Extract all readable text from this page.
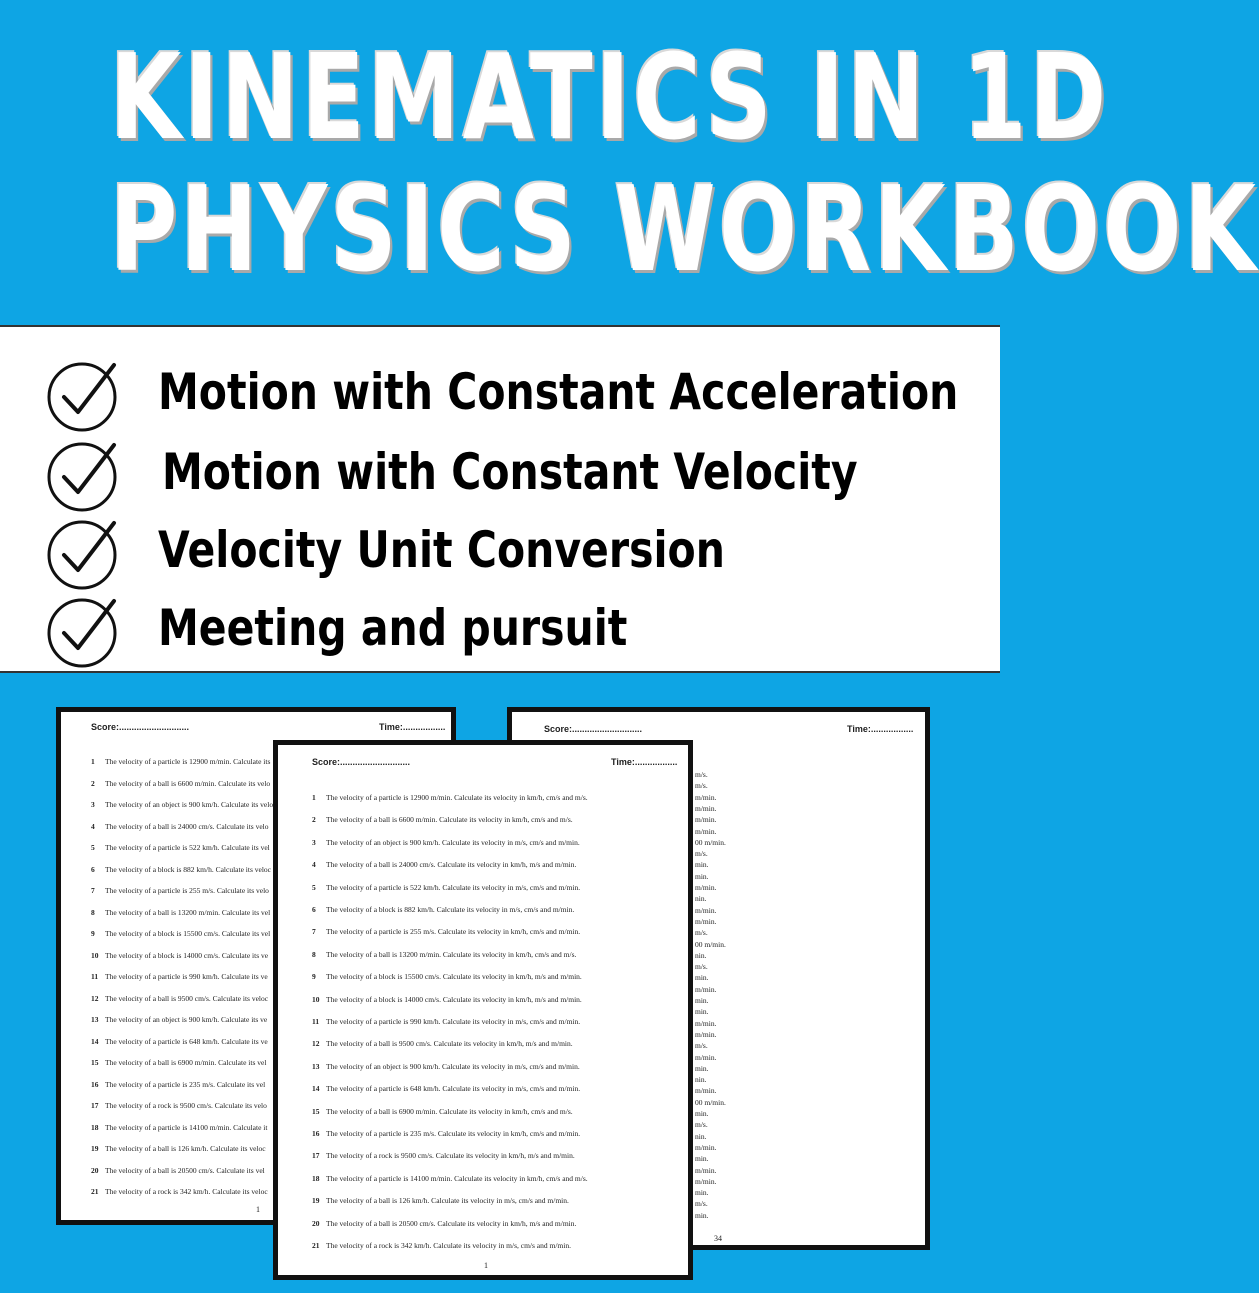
KINEMATICS IN 1D
PHYSICS WORKBOOK
Motion with Constant Acceleration
Motion with Constant Velocity
Velocity Unit Conversion
Meeting and pursuit
Score:............................	Time:.................
1 The velocity of a particle is 12900 m/min. Calculate its
2 The velocity of a ball is 6600 m/min. Calculate its velo
3 The velocity of an object is 900 km/h. Calculate its velo
4 The velocity of a ball is 24000 cm/s. Calculate its velo
5 The velocity of a particle is 522 km/h. Calculate its vel
6 The velocity of a block is 882 km/h. Calculate its veloc
7 The velocity of a particle is 255 m/s. Calculate its velo
8 The velocity of a ball is 13200 m/min. Calculate its vel
9 The velocity of a block is 15500 cm/s. Calculate its vel
10 The velocity of a block is 14000 cm/s. Calculate its ve
11 The velocity of a particle is 990 km/h. Calculate its ve
12 The velocity of a ball is 9500 cm/s. Calculate its veloc
13 The velocity of an object is 900 km/h. Calculate its ve
14 The velocity of a particle is 648 km/h. Calculate its ve
15 The velocity of a ball is 6900 m/min. Calculate its vel
16 The velocity of a particle is 235 m/s. Calculate its vel
17 The velocity of a rock is 9500 cm/s. Calculate its velo
18 The velocity of a particle is 14100 m/min. Calculate it
19 The velocity of a ball is 126 km/h. Calculate its veloc
20 The velocity of a ball is 20500 cm/s. Calculate its vel
21 The velocity of a rock is 342 km/h. Calculate its veloc
1
Score:............................	Time:.................
m/s.
m/s.
m/min.
m/min.
m/min.
m/min.
00 m/min.
m/s.
min.
min.
m/min.
nin.
m/min.
m/min.
m/s.
00 m/min.
nin.
m/s.
min.
m/min.
min.
min.
m/min.
m/min.
m/s.
m/min.
min.
nin.
m/min.
00 m/min.
min.
m/s.
nin.
m/min.
min.
m/min.
m/min.
min.
m/s.
min.
34
Score:............................	Time:.................
1 The velocity of a particle is 12900 m/min. Calculate its velocity in km/h, cm/s and m/s.
2 The velocity of a ball is 6600 m/min. Calculate its velocity in km/h, cm/s and m/s.
3 The velocity of an object is 900 km/h. Calculate its velocity in m/s, cm/s and m/min.
4 The velocity of a ball is 24000 cm/s. Calculate its velocity in km/h, m/s and m/min.
5 The velocity of a particle is 522 km/h. Calculate its velocity in m/s, cm/s and m/min.
6 The velocity of a block is 882 km/h. Calculate its velocity in m/s, cm/s and m/min.
7 The velocity of a particle is 255 m/s. Calculate its velocity in km/h, cm/s and m/min.
8 The velocity of a ball is 13200 m/min. Calculate its velocity in km/h, cm/s and m/s.
9 The velocity of a block is 15500 cm/s. Calculate its velocity in km/h, m/s and m/min.
10 The velocity of a block is 14000 cm/s. Calculate its velocity in km/h, m/s and m/min.
11 The velocity of a particle is 990 km/h. Calculate its velocity in m/s, cm/s and m/min.
12 The velocity of a ball is 9500 cm/s. Calculate its velocity in km/h, m/s and m/min.
13 The velocity of an object is 900 km/h. Calculate its velocity in m/s, cm/s and m/min.
14 The velocity of a particle is 648 km/h. Calculate its velocity in m/s, cm/s and m/min.
15 The velocity of a ball is 6900 m/min. Calculate its velocity in km/h, cm/s and m/s.
16 The velocity of a particle is 235 m/s. Calculate its velocity in km/h, cm/s and m/min.
17 The velocity of a rock is 9500 cm/s. Calculate its velocity in km/h, m/s and m/min.
18 The velocity of a particle is 14100 m/min. Calculate its velocity in km/h, cm/s and m/s.
19 The velocity of a ball is 126 km/h. Calculate its velocity in m/s, cm/s and m/min.
20 The velocity of a ball is 20500 cm/s. Calculate its velocity in km/h, m/s and m/min.
21 The velocity of a rock is 342 km/h. Calculate its velocity in m/s, cm/s and m/min.
1
